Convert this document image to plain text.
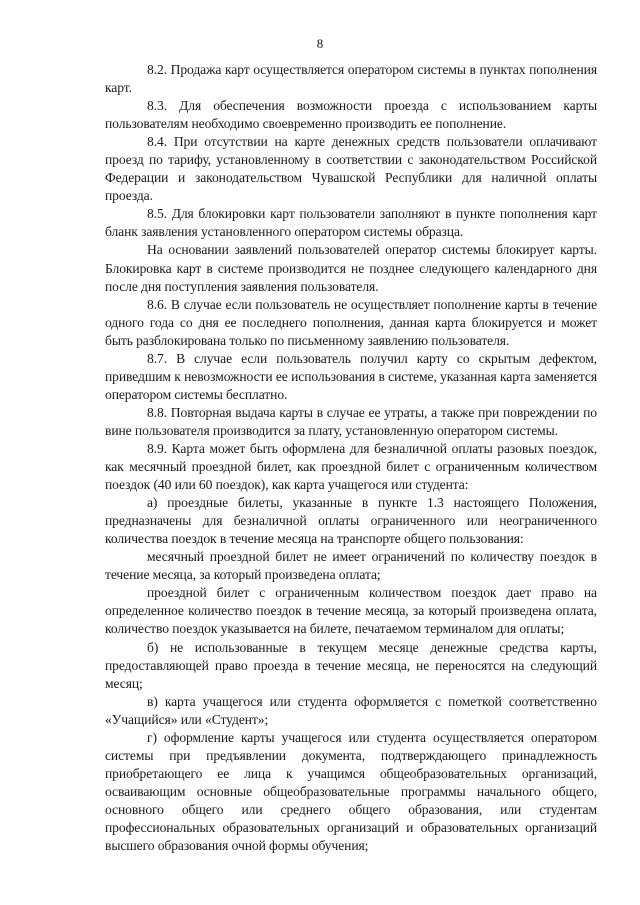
8

8.2. Продажа карт осуществляется оператором системы в пунктах пополнения карт.

8.3. Для обеспечения возможности проезда с использованием карты пользователям необходимо своевременно производить ее пополнение.

8.4. При отсутствии на карте денежных средств пользователи оплачивают проезд по тарифу, установленному в соответствии с законодательством Российской Федерации и законодательством Чувашской Республики для наличной оплаты проезда.

8.5. Для блокировки карт пользователи заполняют в пункте пополнения карт бланк заявления установленного оператором системы образца.

На основании заявлений пользователей оператор системы блокирует карты. Блокировка карт в системе производится не позднее следующего календарного дня после дня поступления заявления пользователя.

8.6. В случае если пользователь не осуществляет пополнение карты в течение одного года со дня ее последнего пополнения, данная карта блокируется и может быть разблокирована только по письменному заявлению пользователя.

8.7. В случае если пользователь получил карту со скрытым дефектом, приведшим к невозможности ее использования в системе, указанная карта заменяется оператором системы бесплатно.

8.8. Повторная выдача карты в случае ее утраты, а также при повреждении по вине пользователя производится за плату, установленную оператором системы.

8.9. Карта может быть оформлена для безналичной оплаты разовых поездок, как месячный проездной билет, как проездной билет с ограниченным количеством поездок (40 или 60 поездок), как карта учащегося или студента:

а) проездные билеты, указанные в пункте 1.3 настоящего Положения, предназначены для безналичной оплаты ограниченного или неограниченного количества поездок в течение месяца на транспорте общего пользования:

месячный проездной билет не имеет ограничений по количеству поездок в течение месяца, за который произведена оплата;

проездной билет с ограниченным количеством поездок дает право на определенное количество поездок в течение месяца, за который произведена оплата, количество поездок указывается на билете, печатаемом терминалом для оплаты;

б) не использованные в текущем месяце денежные средства карты, предоставляющей право проезда в течение месяца, не переносятся на следующий месяц;

в) карта учащегося или студента оформляется с пометкой соответственно «Учащийся» или «Студент»;

г) оформление карты учащегося или студента осуществляется оператором системы при предъявлении документа, подтверждающего принадлежность приобретающего ее лица к учащимся общеобразовательных организаций, осваивающим основные общеобразовательные программы начального общего, основного общего или среднего общего образования, или студентам профессиональных образовательных организаций и образовательных организаций высшего образования очной формы обучения;
